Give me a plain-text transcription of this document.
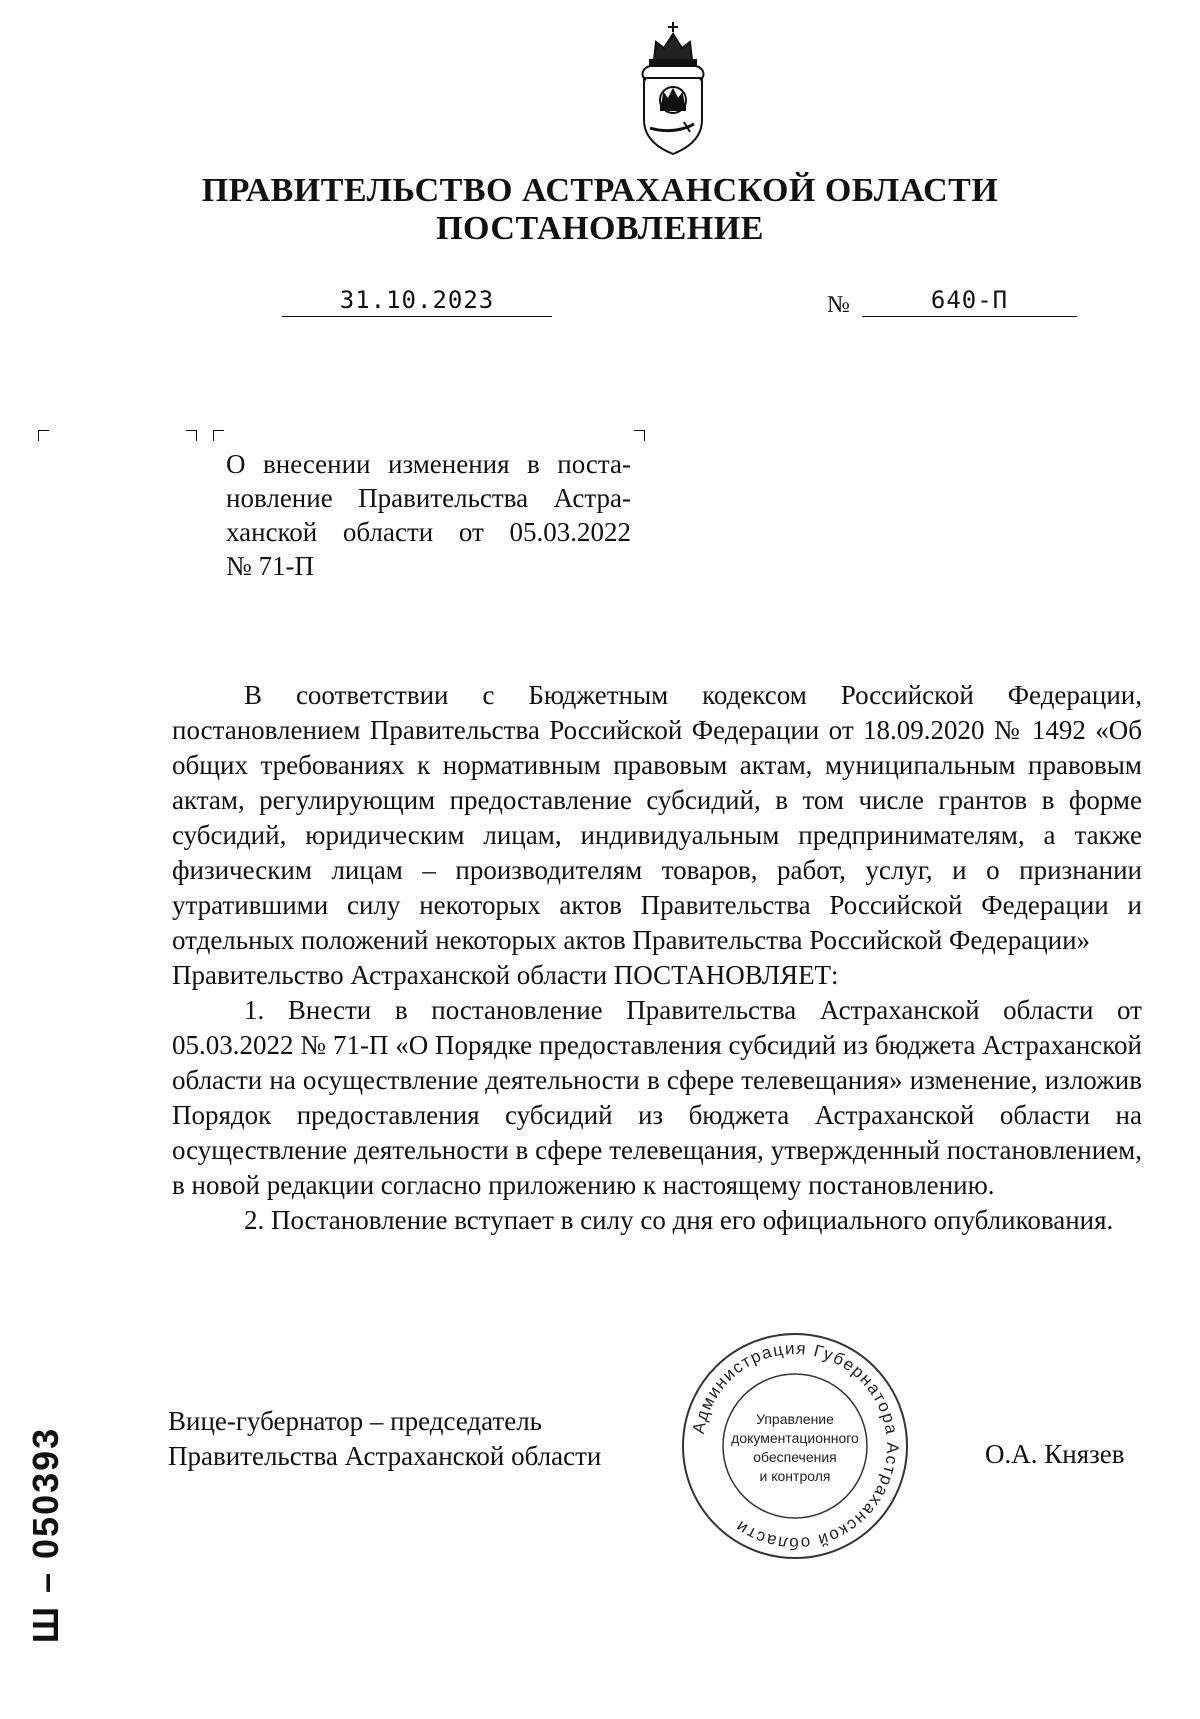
ПРАВИТЕЛЬСТВО АСТРАХАНСКОЙ ОБЛАСТИ
ПОСТАНОВЛЕНИЕ
31.10.2023	№	640-П
О внесении изменения в поста-
новление Правительства Астра-
ханской области от 05.03.2022
№ 71-П

В соответствии с Бюджетным кодексом Российской Федерации, постановлением Правительства Российской Федерации от 18.09.2020 № 1492 «Об общих требованиях к нормативным правовым актам, муниципальным правовым актам, регулирующим предоставление субсидий, в том числе грантов в форме субсидий, юридическим лицам, индивидуальным предпринимателям, а также физическим лицам – производителям товаров, работ, услуг, и о признании утратившими силу некоторых актов Правительства Российской Федерации и отдельных положений некоторых актов Правительства Российской Федерации»

Правительство Астраханской области ПОСТАНОВЛЯЕТ:

1. Внести в постановление Правительства Астраханской области от 05.03.2022 № 71-П «О Порядке предоставления субсидий из бюджета Астраханской области на осуществление деятельности в сфере телевещания» изменение, изложив Порядок предоставления субсидий из бюджета Астраханской области на осуществление деятельности в сфере телевещания, утвержденный постановлением, в новой редакции согласно приложению к настоящему постановлению.

2. Постановление вступает в силу со дня его официального опубликования.

Вице-губернатор – председатель
Правительства Астраханской области	О.А. Князев
Администрация Губернатора Астраханской области
Управление
документационного
обеспечения
и контроля
Ш – 050393
